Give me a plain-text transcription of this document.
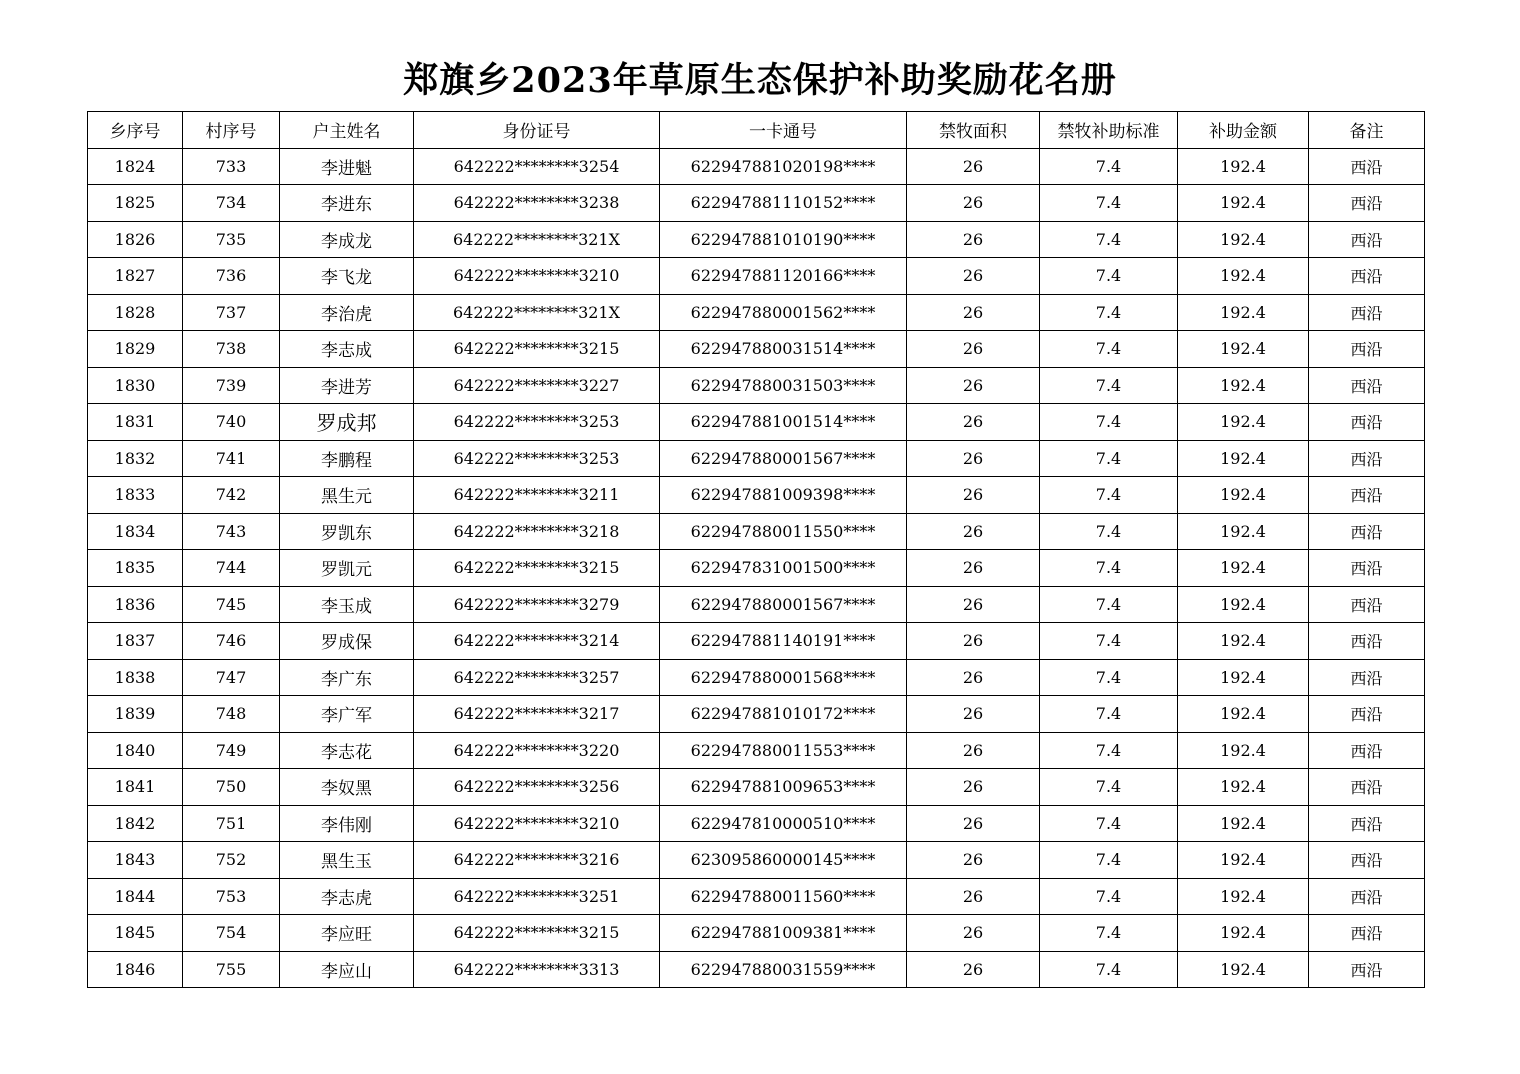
郑旗乡2023年草原生态保护补助奖励花名册
乡序号	村序号	户主姓名	身份证号	一卡通号	禁牧面积	禁牧补助标准	补助金额	备注
1824	733	李进魁	642222********3254	622947881020198****	26	7.4	192.4	西沿
1825	734	李进东	642222********3238	622947881110152****	26	7.4	192.4	西沿
1826	735	李成龙	642222********321X	622947881010190****	26	7.4	192.4	西沿
1827	736	李飞龙	642222********3210	622947881120166****	26	7.4	192.4	西沿
1828	737	李治虎	642222********321X	622947880001562****	26	7.4	192.4	西沿
1829	738	李志成	642222********3215	622947880031514****	26	7.4	192.4	西沿
1830	739	李进芳	642222********3227	622947880031503****	26	7.4	192.4	西沿
1831	740	罗成邦	642222********3253	622947881001514****	26	7.4	192.4	西沿
1832	741	李鹏程	642222********3253	622947880001567****	26	7.4	192.4	西沿
1833	742	黑生元	642222********3211	622947881009398****	26	7.4	192.4	西沿
1834	743	罗凯东	642222********3218	622947880011550****	26	7.4	192.4	西沿
1835	744	罗凯元	642222********3215	622947831001500****	26	7.4	192.4	西沿
1836	745	李玉成	642222********3279	622947880001567****	26	7.4	192.4	西沿
1837	746	罗成保	642222********3214	622947881140191****	26	7.4	192.4	西沿
1838	747	李广东	642222********3257	622947880001568****	26	7.4	192.4	西沿
1839	748	李广军	642222********3217	622947881010172****	26	7.4	192.4	西沿
1840	749	李志花	642222********3220	622947880011553****	26	7.4	192.4	西沿
1841	750	李奴黑	642222********3256	622947881009653****	26	7.4	192.4	西沿
1842	751	李伟刚	642222********3210	622947810000510****	26	7.4	192.4	西沿
1843	752	黑生玉	642222********3216	623095860000145****	26	7.4	192.4	西沿
1844	753	李志虎	642222********3251	622947880011560****	26	7.4	192.4	西沿
1845	754	李应旺	642222********3215	622947881009381****	26	7.4	192.4	西沿
1846	755	李应山	642222********3313	622947880031559****	26	7.4	192.4	西沿
